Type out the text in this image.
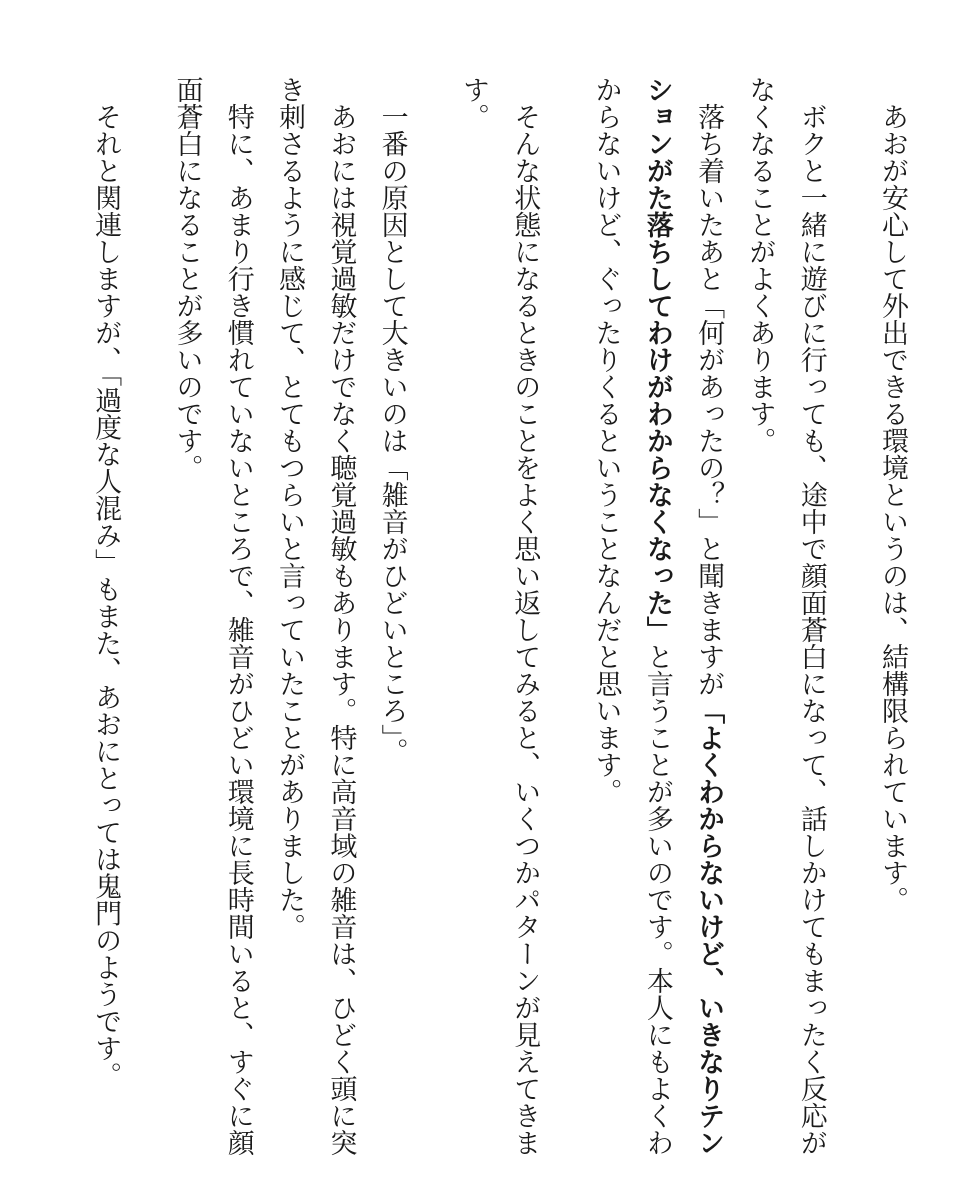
　あおが安心して外出できる環境というのは、結構限られています。

　ボクと一緒に遊びに行っても、途中で顔面蒼白になって、話しかけてもまったく反応がなくなることがよくあります。

　落ち着いたあと「何があったの？」と聞きますが「よくわからないけど、いきなりテンションがた落ちしてわけがわからなくなった」と言うことが多いのです。本人にもよくわからないけど、ぐったりくるということなんだと思います。

　そんな状態になるときのことをよく思い返してみると、いくつかパターンが見えてきます。

　一番の原因として大きいのは「雑音がひどいところ」。

　あおには視覚過敏だけでなく聴覚過敏もあります。特に高音域の雑音は、ひどく頭に突き刺さるように感じて、とてもつらいと言っていたことがありました。

　特に、あまり行き慣れていないところで、雑音がひどい環境に長時間いると、すぐに顔面蒼白になることが多いのです。

　それと関連しますが、「過度な人混み」もまた、あおにとっては鬼門のようです。
